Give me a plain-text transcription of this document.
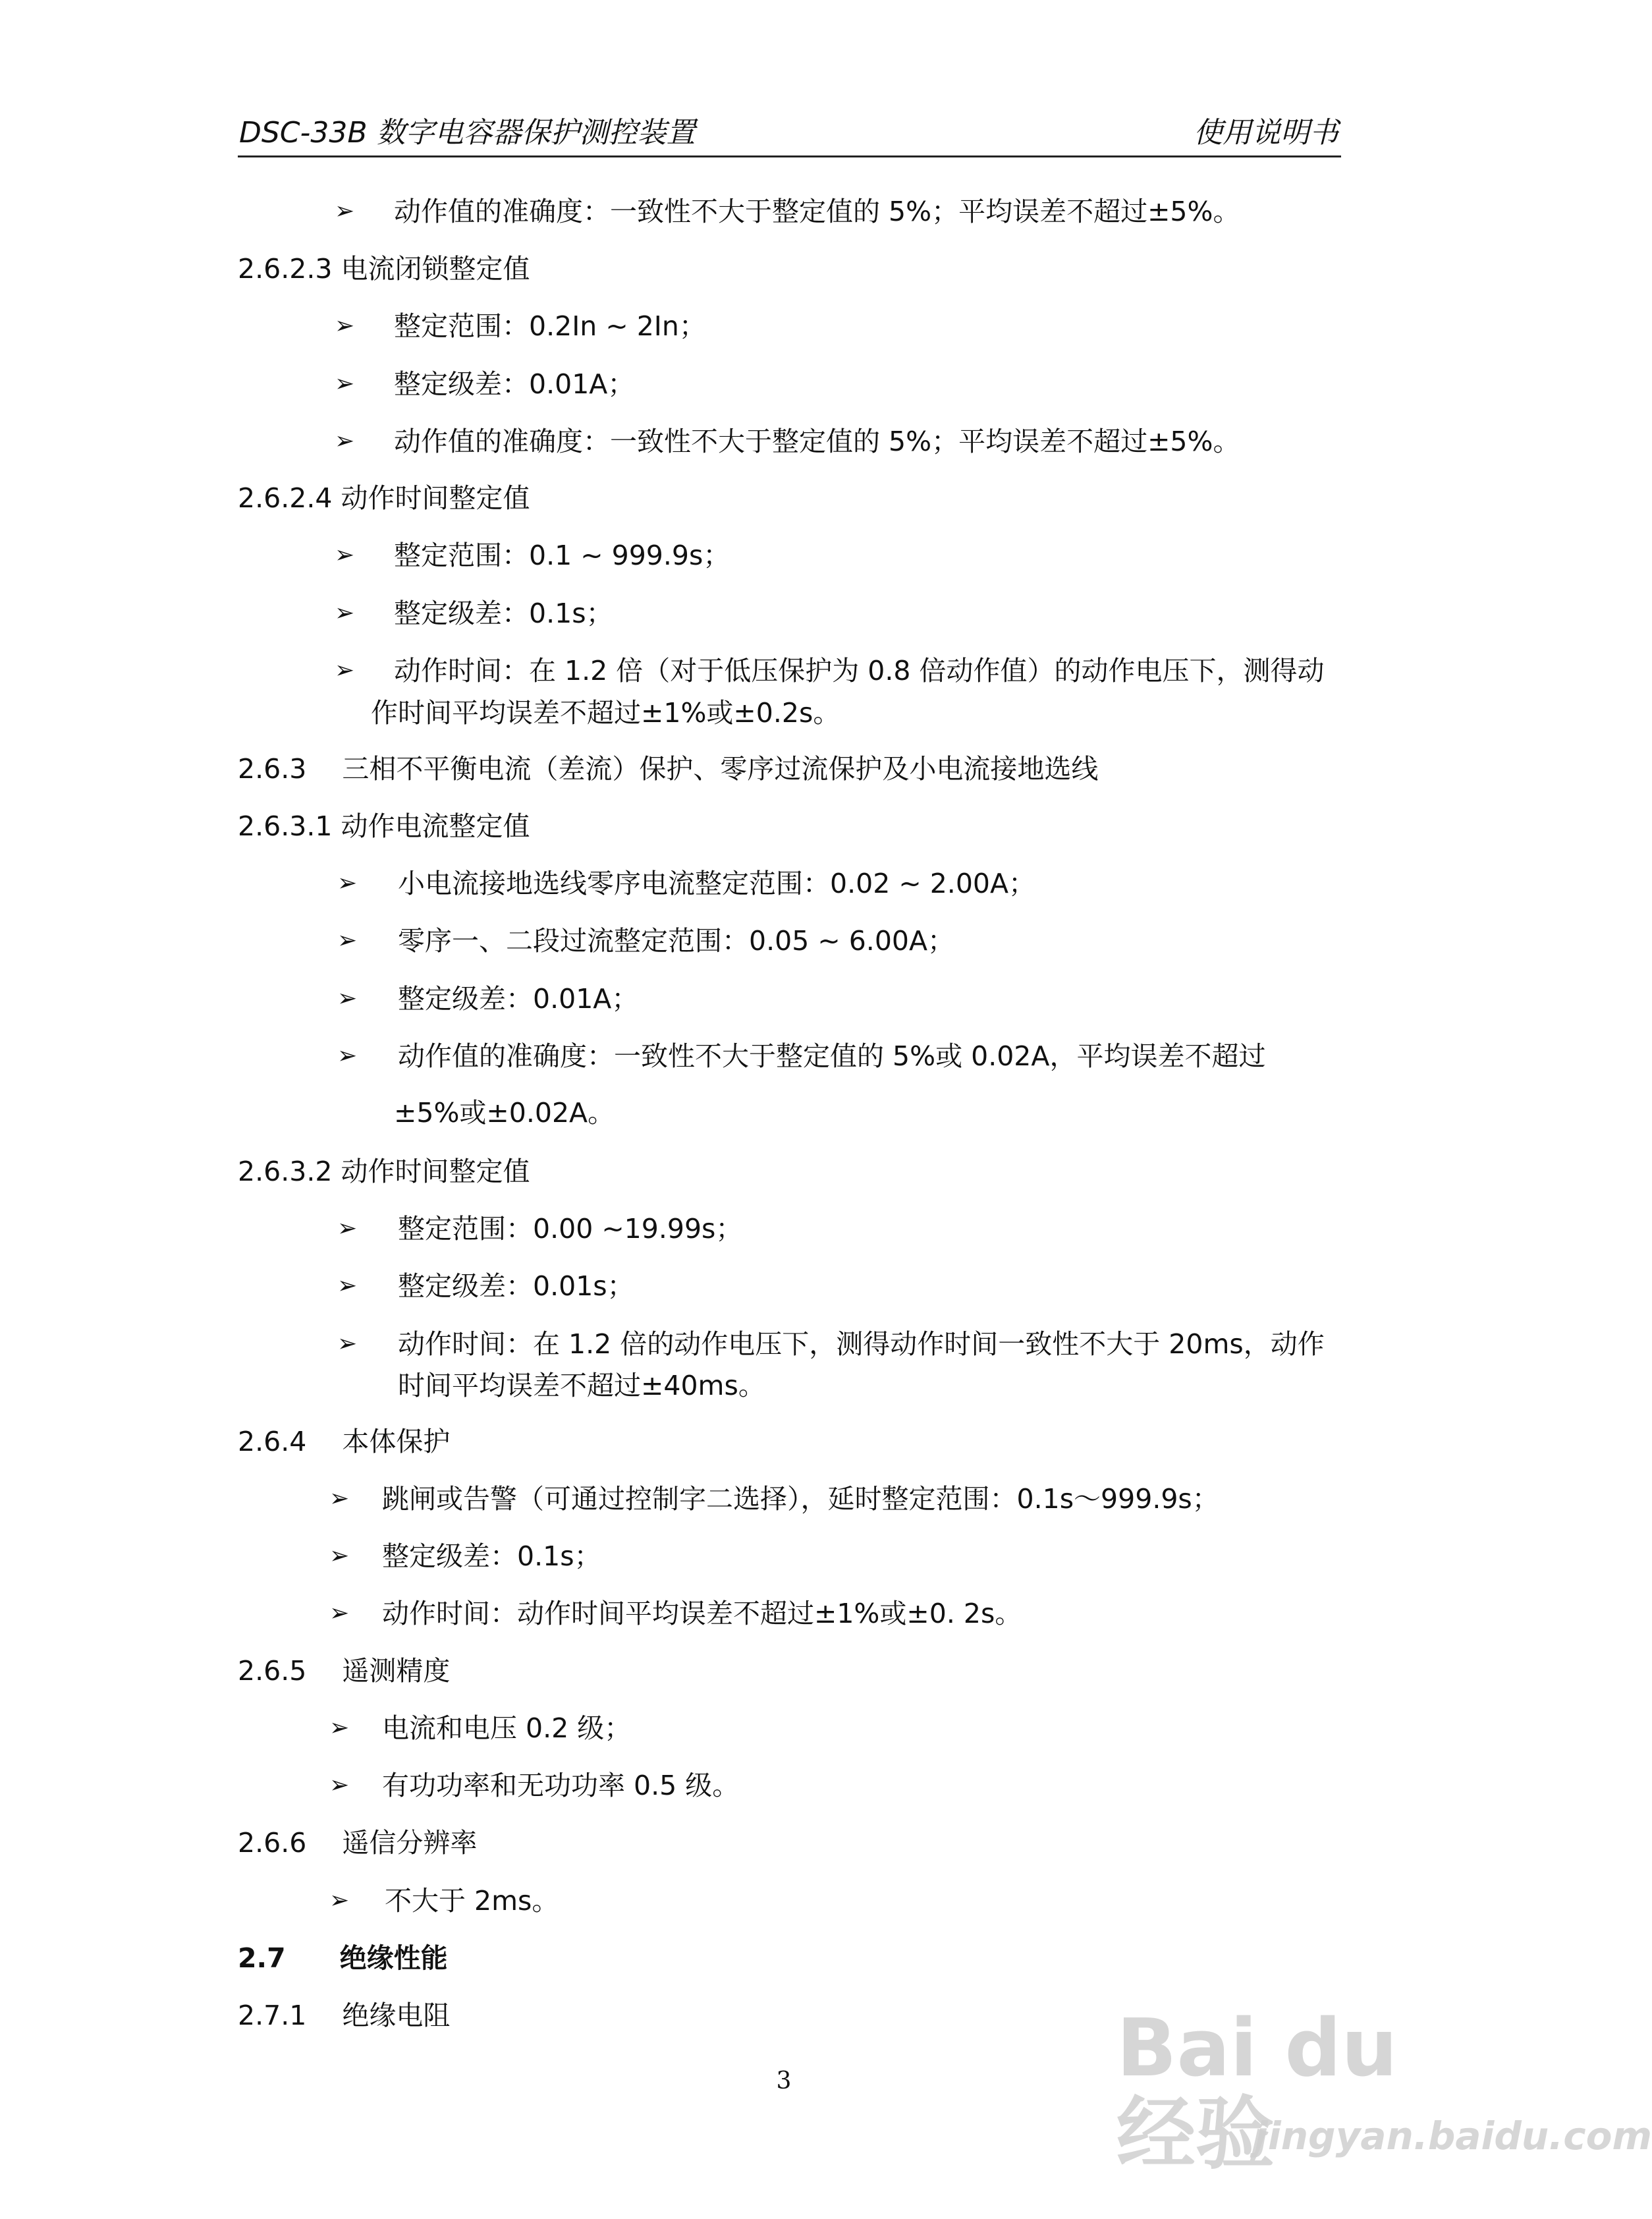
DSC-33B 数字电容器保护测控装置	使用说明书
➢ 动作值的准确度：一致性不大于整定值的 5%；平均误差不超过±5%。
2.6.2.3 电流闭锁整定值
➢ 整定范围：0.2In ~ 2In；
➢ 整定级差：0.01A；
➢ 动作值的准确度：一致性不大于整定值的 5%；平均误差不超过±5%。
2.6.2.4 动作时间整定值
➢ 整定范围：0.1 ~ 999.9s；
➢ 整定级差：0.1s；
➢ 动作时间：在 1.2 倍（对于低压保护为 0.8 倍动作值）的动作电压下，测得动
作时间平均误差不超过±1%或±0.2s。
2.6.3　 三相不平衡电流（差流）保护、零序过流保护及小电流接地选线
2.6.3.1 动作电流整定值
➢ 小电流接地选线零序电流整定范围：0.02 ~ 2.00A；
➢ 零序一、二段过流整定范围：0.05 ~ 6.00A；
➢ 整定级差：0.01A；
➢ 动作值的准确度：一致性不大于整定值的 5%或 0.02A，平均误差不超过
±5%或±0.02A。
2.6.3.2 动作时间整定值
➢ 整定范围：0.00 ~19.99s；
➢ 整定级差：0.01s；
➢ 动作时间：在 1.2 倍的动作电压下，测得动作时间一致性不大于 20ms，动作
时间平均误差不超过±40ms。
2.6.4　 本体保护
➢ 跳闸或告警（可通过控制字二选择），延时整定范围：0.1s～999.9s；
➢ 整定级差：0.1s；
➢ 动作时间：动作时间平均误差不超过±1%或±0. 2s。
2.6.5　 遥测精度
➢ 电流和电压 0.2 级；
➢ 有功功率和无功功率 0.5 级。
2.6.6　 遥信分辨率
➢ 不大于 2ms。
2.7　　绝缘性能
2.7.1　 绝缘电阻
3	Bai du 经验
jingyan.baidu.com
